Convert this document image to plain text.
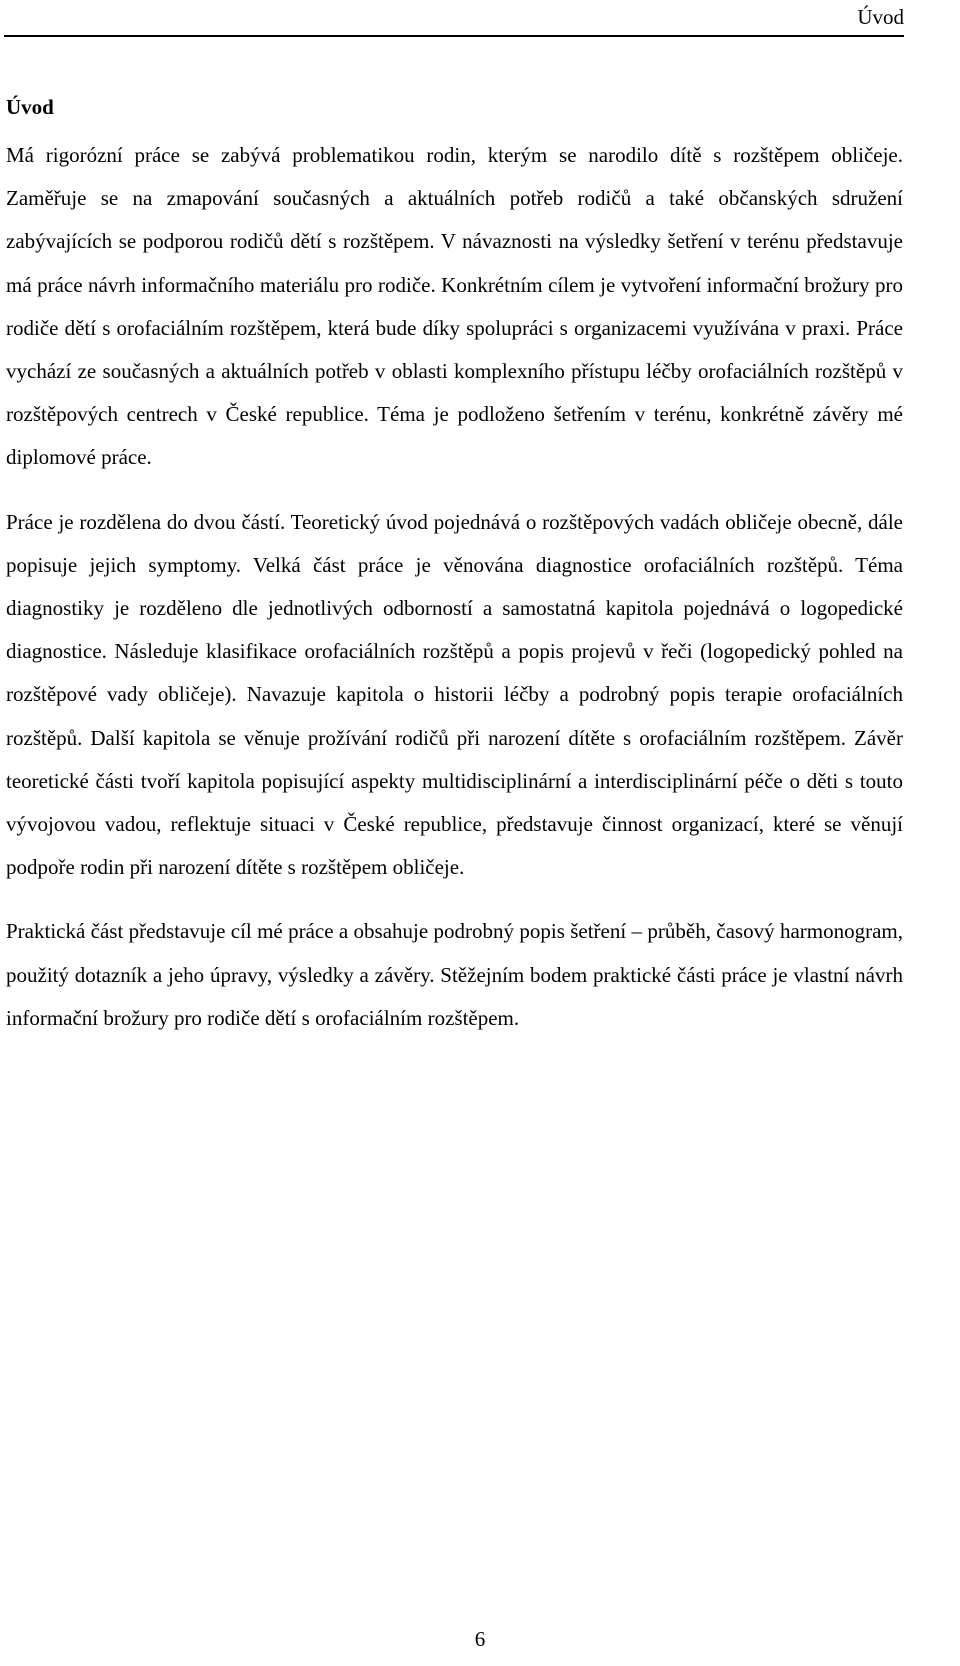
Úvod
Úvod

Má rigorózní práce se zabývá problematikou rodin, kterým se narodilo dítě s rozštěpem obličeje. Zaměřuje se na zmapování současných a aktuálních potřeb rodičů a také občanských sdružení zabývajících se podporou rodičů dětí s rozštěpem. V návaznosti na výsledky šetření v terénu představuje má práce návrh informačního materiálu pro rodiče. Konkrétním cílem je vytvoření informační brožury pro rodiče dětí s orofaciálním rozštěpem, která bude díky spolupráci s organizacemi využívána v praxi. Práce vychází ze současných a aktuálních potřeb v oblasti komplexního přístupu léčby orofaciálních rozštěpů v rozštěpových centrech v České republice. Téma je podloženo šetřením v terénu, konkrétně závěry mé diplomové práce.

Práce je rozdělena do dvou částí. Teoretický úvod pojednává o rozštěpových vadách obličeje obecně, dále popisuje jejich symptomy. Velká část práce je věnována diagnostice orofaciálních rozštěpů. Téma diagnostiky je rozděleno dle jednotlivých odborností a samostatná kapitola pojednává o logopedické diagnostice. Následuje klasifikace orofaciálních rozštěpů a popis projevů v řeči (logopedický pohled na rozštěpové vady obličeje). Navazuje kapitola o historii léčby a podrobný popis terapie orofaciálních rozštěpů. Další kapitola se věnuje prožívání rodičů při narození dítěte s orofaciálním rozštěpem. Závěr teoretické části tvoří kapitola popisující aspekty multidisciplinární a interdisciplinární péče o děti s touto vývojovou vadou, reflektuje situaci v České republice, představuje činnost organizací, které se věnují podpoře rodin při narození dítěte s rozštěpem obličeje.

Praktická část představuje cíl mé práce a obsahuje podrobný popis šetření – průběh, časový harmonogram, použitý dotazník a jeho úpravy, výsledky a závěry. Stěžejním bodem praktické části práce je vlastní návrh informační brožury pro rodiče dětí s orofaciálním rozštěpem.

6
